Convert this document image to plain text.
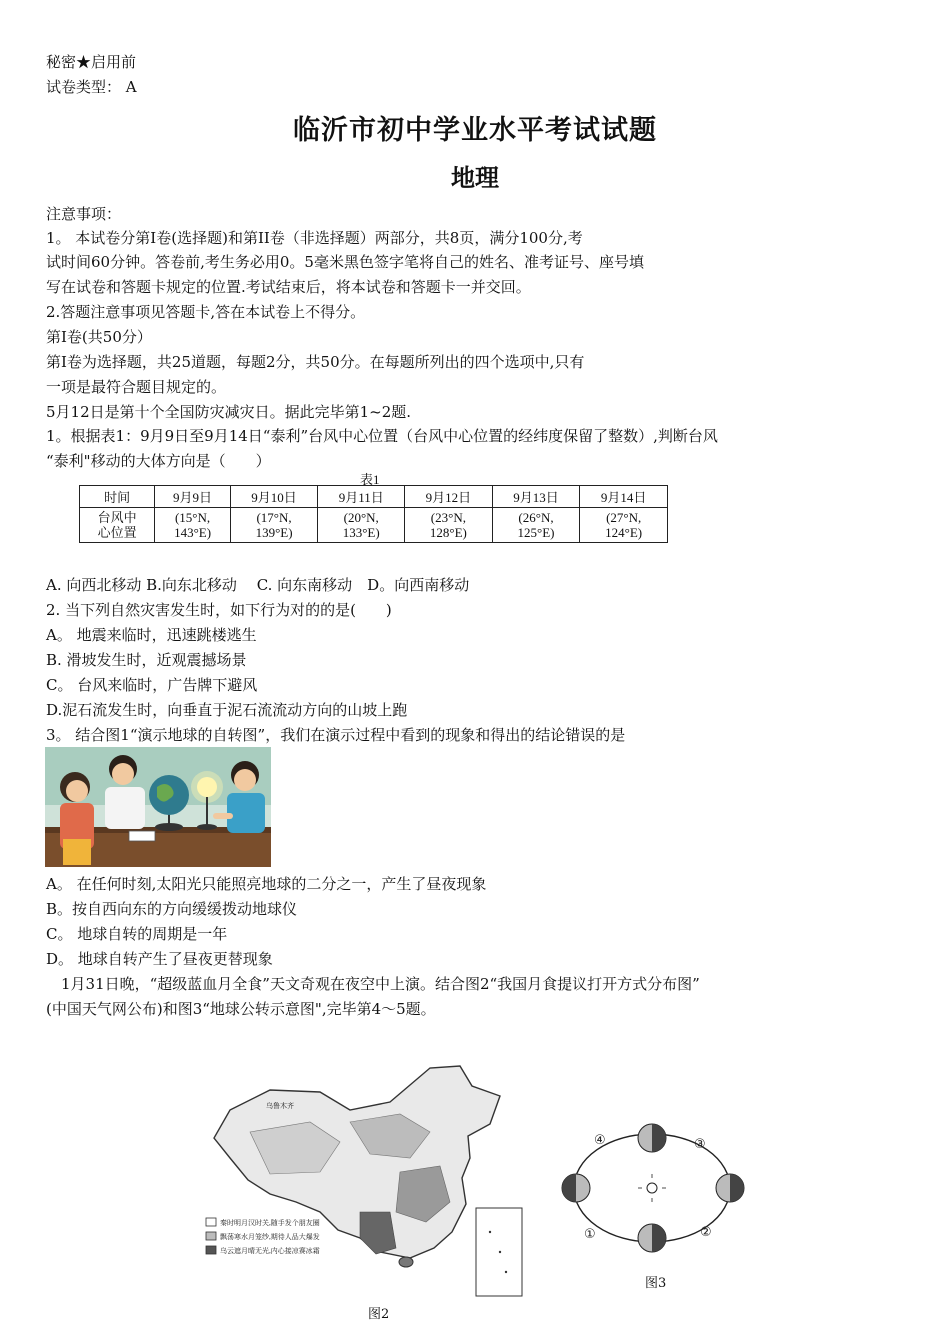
秘密★启用前
试卷类型： A
临沂市初中学业水平考试试题
地理
注意事项：
1。 本试卷分第Ⅰ卷(选择题)和第II卷（非选择题）两部分，共8页，满分100分,考
试时间60分钟。答卷前,考生务必用0。5毫米黑色签字笔将自己的姓名、准考证号、座号填
写在试卷和答题卡规定的位置.考试结束后，将本试卷和答题卡一并交回。
2.答题注意事项见答题卡,答在本试卷上不得分。
第Ⅰ卷(共50分）
第Ⅰ卷为选择题，共25道题，每题2分，共50分。在每题所列出的四个选项中,只有
一项是最符合题目规定的。
5月12日是第十个全国防灾减灾日。据此完毕第1~2题.
1。根据表1：9月9日至9月14日“泰利”台风中心位置（台风中心位置的经纬度保留了整数）,判断台风
“泰利"移动的大体方向是（　　）
表1
时间	9月9日	9月10日	9月11日	9月12日	9月13日	9月14日
台风中
心位置	(15°N,
143°E)	(17°N,
139°E)	(20°N,
133°E)	(23°N,
128°E)	(26°N,
125°E)	(27°N,
124°E)
A. 向西北移动 B.向东北移动　 C. 向东南移动　D。向西南移动
2. 当下列自然灾害发生时，如下行为对的的是(　　)
A。 地震来临时，迅速跳楼逃生
B. 滑坡发生时，近观震撼场景
C。 台风来临时，广告牌下避风
D.泥石流发生时，向垂直于泥石流流动方向的山坡上跑
3。 结合图1“演示地球的自转图”，我们在演示过程中看到的现象和得出的结论错误的是
A。 在任何时刻,太阳光只能照亮地球的二分之一，产生了昼夜现象
B。按自西向东的方向缓缓拨动地球仪
C。 地球自转的周期是一年
D。 地球自转产生了昼夜更替现象
　1月31日晚，“超级蓝血月全食”天文奇观在夜空中上演。结合图2“我国月食提议打开方式分布图”
(中国天气网公布)和图3“地球公转示意图",完毕第4～5题。
乌鲁木齐
秦时明月汉时关,随手发个朋友圈
飘荡寒水月笼纱,期待人品大爆发
乌云遮月晴无光,内心接凉赛冰霜
图2
④	③
①	②
图3
